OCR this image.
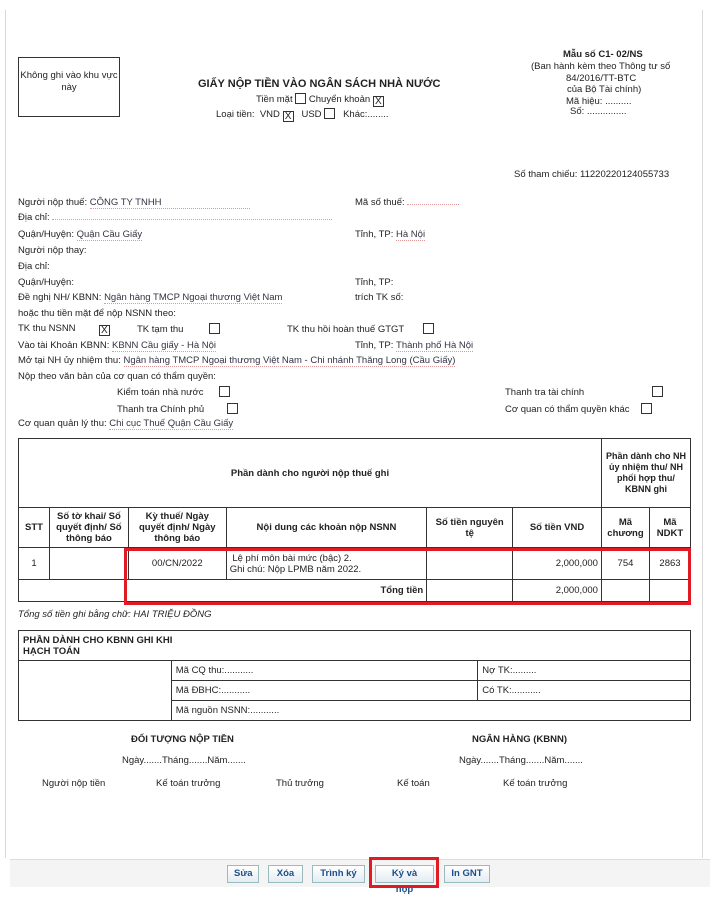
Không ghi vào khu vực này
Mẫu số C1- 02/NS
(Ban hành kèm theo Thông tư số
84/2016/TT-BTC
của Bộ Tài chính)
Mã hiệu: ..........
Số: ...............
GIẤY NỘP TIỀN VÀO NGÂN SÁCH NHÀ NƯỚC
Tiền mặt Chuyển khoản X
Loại tiền: VND X USD Khác:........
Số tham chiếu: 11220220124055733
Người nộp thuế: CÔNG TY TNHH	Mã số thuế:
Địa chỉ:
Quận/Huyện: Quận Cầu Giấy	Tỉnh, TP: Hà Nội
Người nộp thay:
Địa chỉ:
Quận/Huyện:	Tỉnh, TP:
Đề nghị NH/ KBNN: Ngân hàng TMCP Ngoại thương Việt Nam	trích TK số:
hoặc thu tiền mặt để nộp NSNN theo:
TK thu NSNN	X	TK tạm thu	TK thu hồi hoàn thuế GTGT
Vào tài Khoản KBNN: KBNN Cầu giấy - Hà Nội	Tỉnh, TP: Thành phố Hà Nội
Mở tại NH ủy nhiệm thu: Ngân hàng TMCP Ngoại thương Việt Nam - Chi nhánh Thăng Long (Cầu Giấy)
Nộp theo văn bản của cơ quan có thẩm quyền:
Kiểm toán nhà nước	Thanh tra tài chính
Thanh tra Chính phủ	Cơ quan có thẩm quyền khác
Cơ quan quản lý thu: Chi cục Thuế Quận Cầu Giấy
Phần dành cho người nộp thuế ghi						Phần dành cho NH ủy nhiệm thu/ NH phối hợp thu/ KBNN ghi	
STT	Số tờ khai/ Số quyết định/ Số thông báo	Kỳ thuế/ Ngày quyết định/ Ngày thông báo	Nội dung các khoản nộp NSNN	Số tiền nguyên tệ	Số tiền VND	Mã chương	Mã NDKT
1		00/CN/2022	Lệ phí môn bài mức (bậc) 2.
Ghi chú: Nộp LPMB năm 2022.		2,000,000	754	2863
Tổng tiền					2,000,000		
Tổng số tiền ghi bằng chữ: HAI TRIỆU ĐỒNG
PHẦN DÀNH CHO KBNN GHI KHI HẠCH TOÁN		
	Mã CQ thu:...........	Nợ TK:.........
	Mã ĐBHC:...........	Có TK:...........
	Mã nguồn NSNN:...........	
ĐỐI TƯỢNG NỘP TIỀN	NGÂN HÀNG (KBNN)
Ngày.......Tháng.......Năm.......	Ngày.......Tháng.......Năm.......
Người nộp tiền	Kế toán trưởng	Thủ trưởng	Kế toán	Kế toán trưởng
Sửa	Xóa	Trình ký	Ký và nộp
In GNT
